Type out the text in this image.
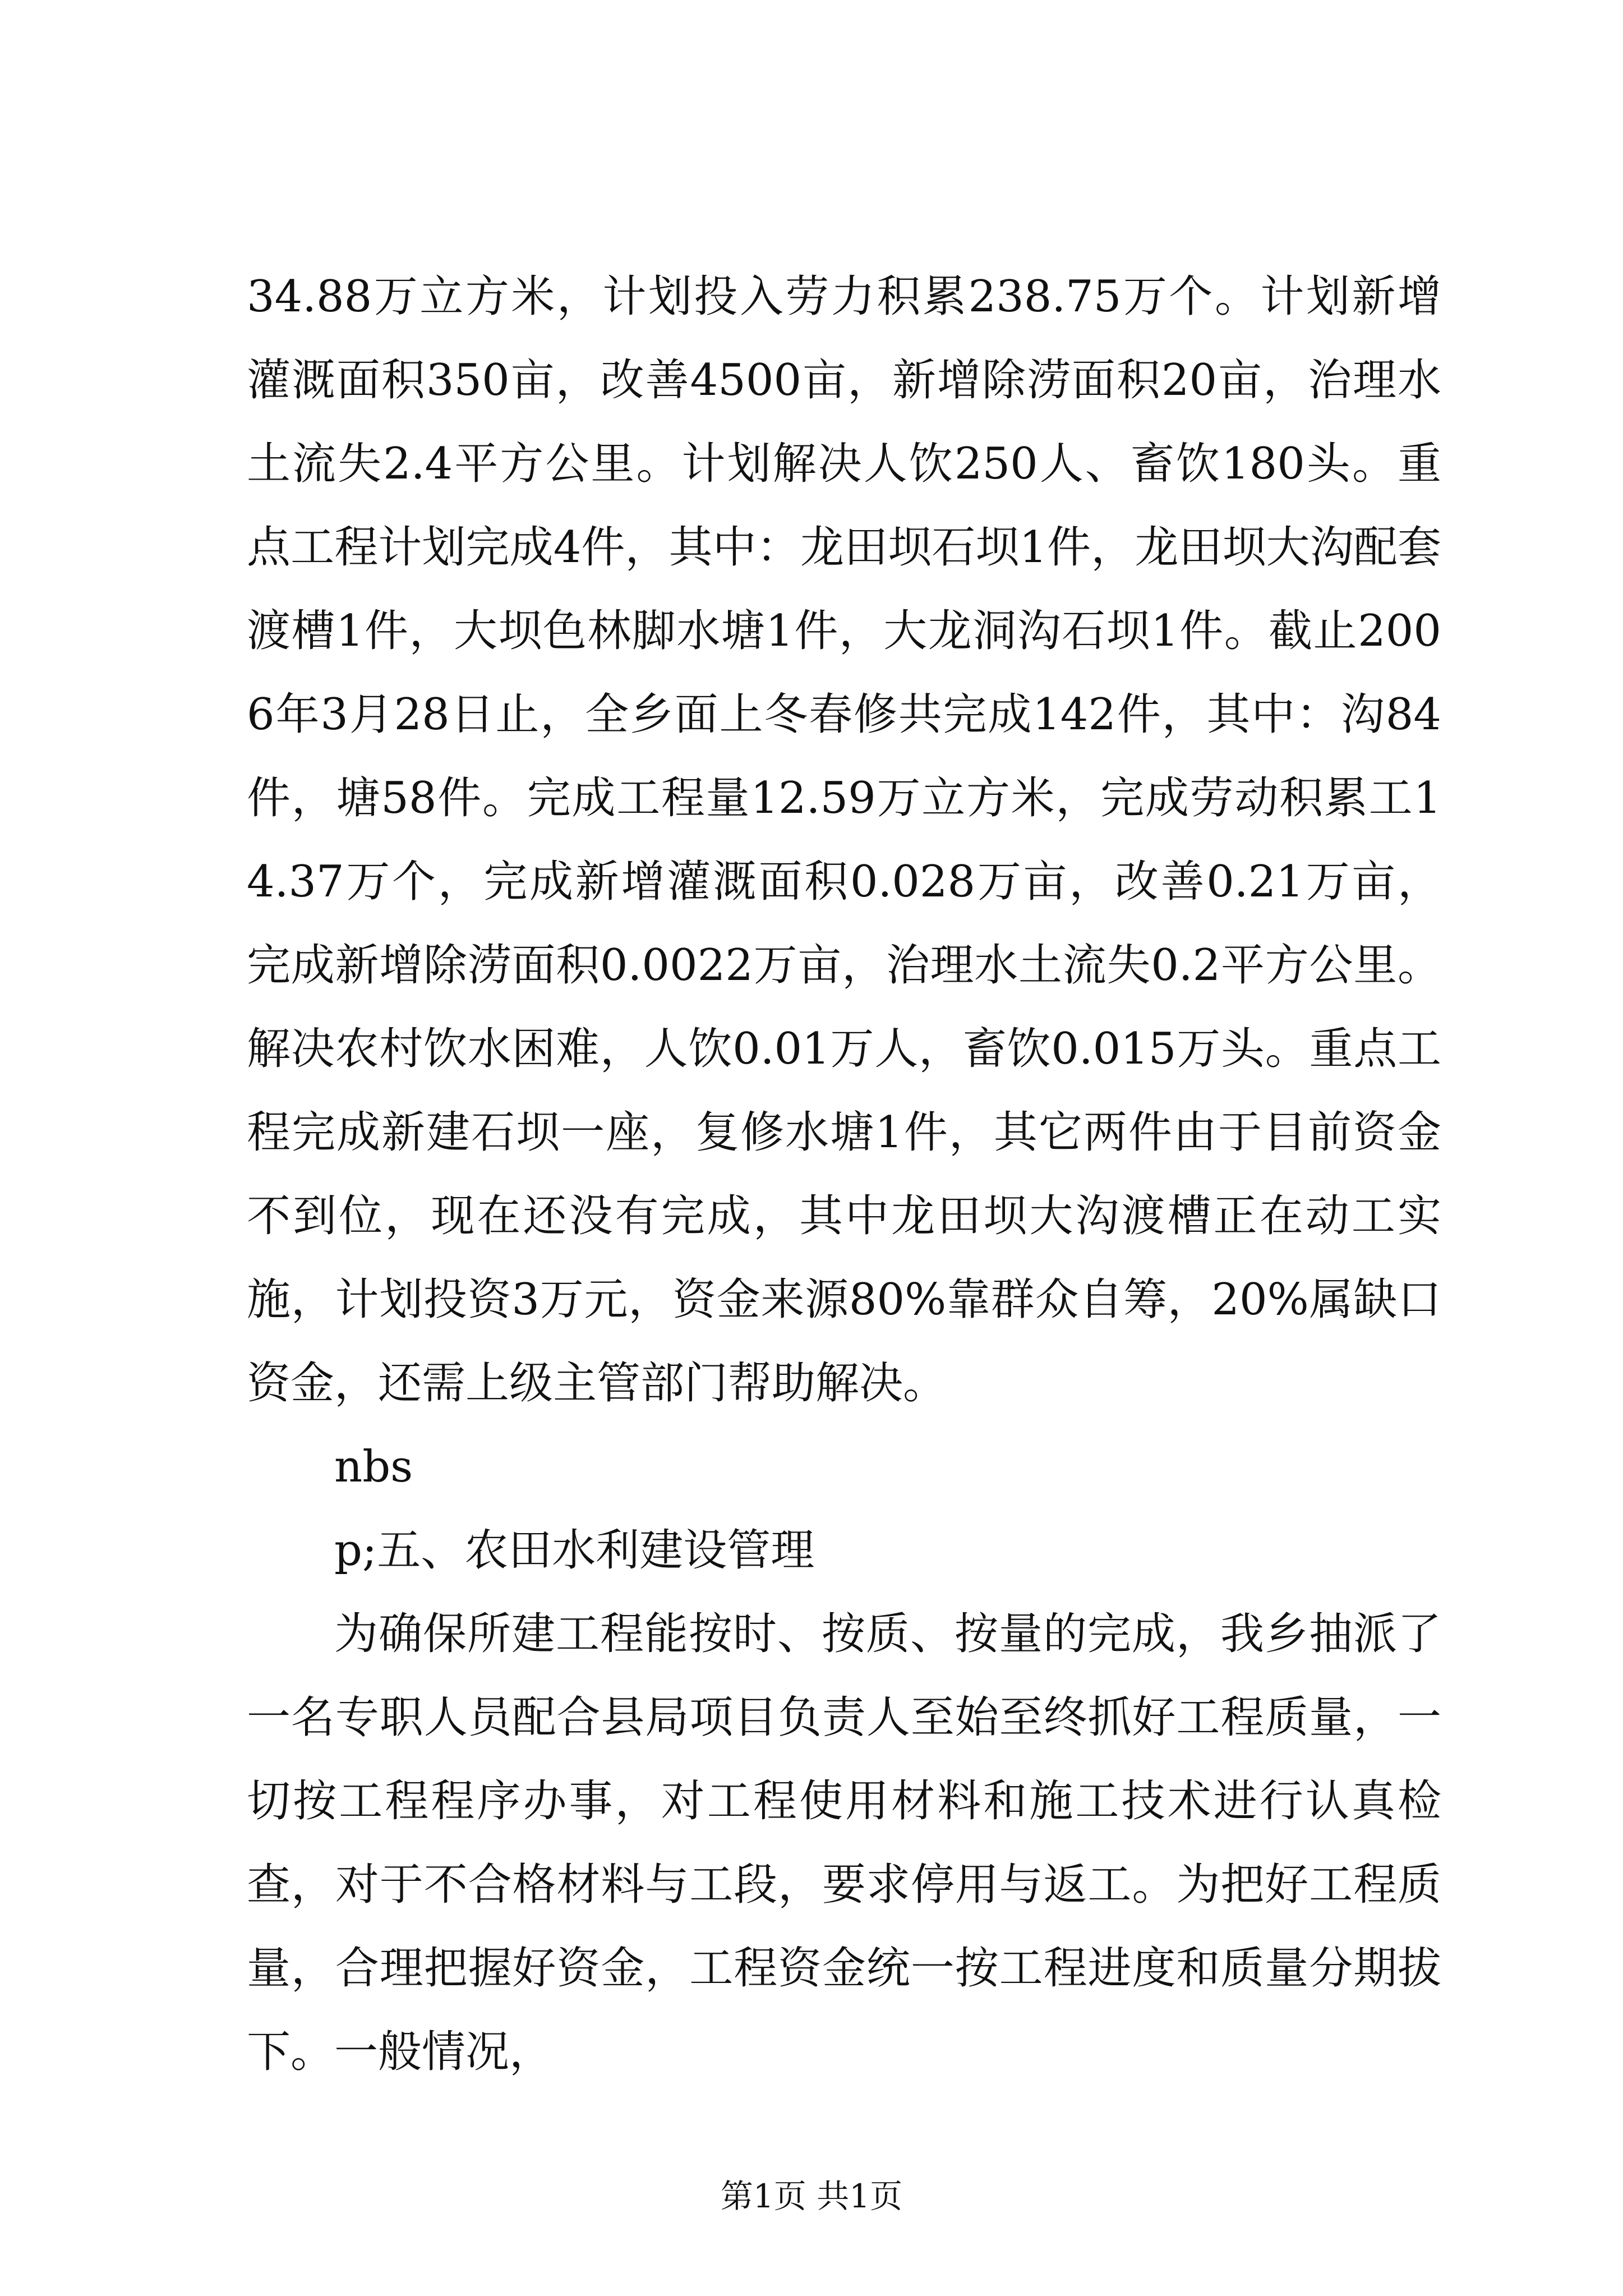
34.88万立方米，计划投入劳力积累238.75万个。计划新增灌溉面积350亩，改善4500亩，新增除涝面积20亩，治理水土流失2.4平方公里。计划解决人饮250人、畜饮180头。重点工程计划完成4件，其中：龙田坝石坝1件，龙田坝大沟配套渡槽1件，大坝色林脚水塘1件，大龙洞沟石坝1件。截止2006年3月28日止，全乡面上冬春修共完成142件，其中：沟84件，塘58件。完成工程量12.59万立方米，完成劳动积累工14.37万个，完成新增灌溉面积0.028万亩，改善0.21万亩，完成新增除涝面积0.0022万亩，治理水土流失0.2平方公里。解决农村饮水困难，人饮0.01万人，畜饮0.015万头。重点工程完成新建石坝一座，复修水塘1件，其它两件由于目前资金不到位，现在还没有完成，其中龙田坝大沟渡槽正在动工实施，计划投资3万元，资金来源80%靠群众自筹，20%属缺口资金，还需上级主管部门帮助解决。

nbs

p;五、农田水利建设管理

为确保所建工程能按时、按质、按量的完成，我乡抽派了一名专职人员配合县局项目负责人至始至终抓好工程质量，一切按工程程序办事，对工程使用材料和施工技术进行认真检查，对于不合格材料与工段，要求停用与返工。为把好工程质量，合理把握好资金，工程资金统一按工程进度和质量分期拔下。一般情况，

第1页 共1页
